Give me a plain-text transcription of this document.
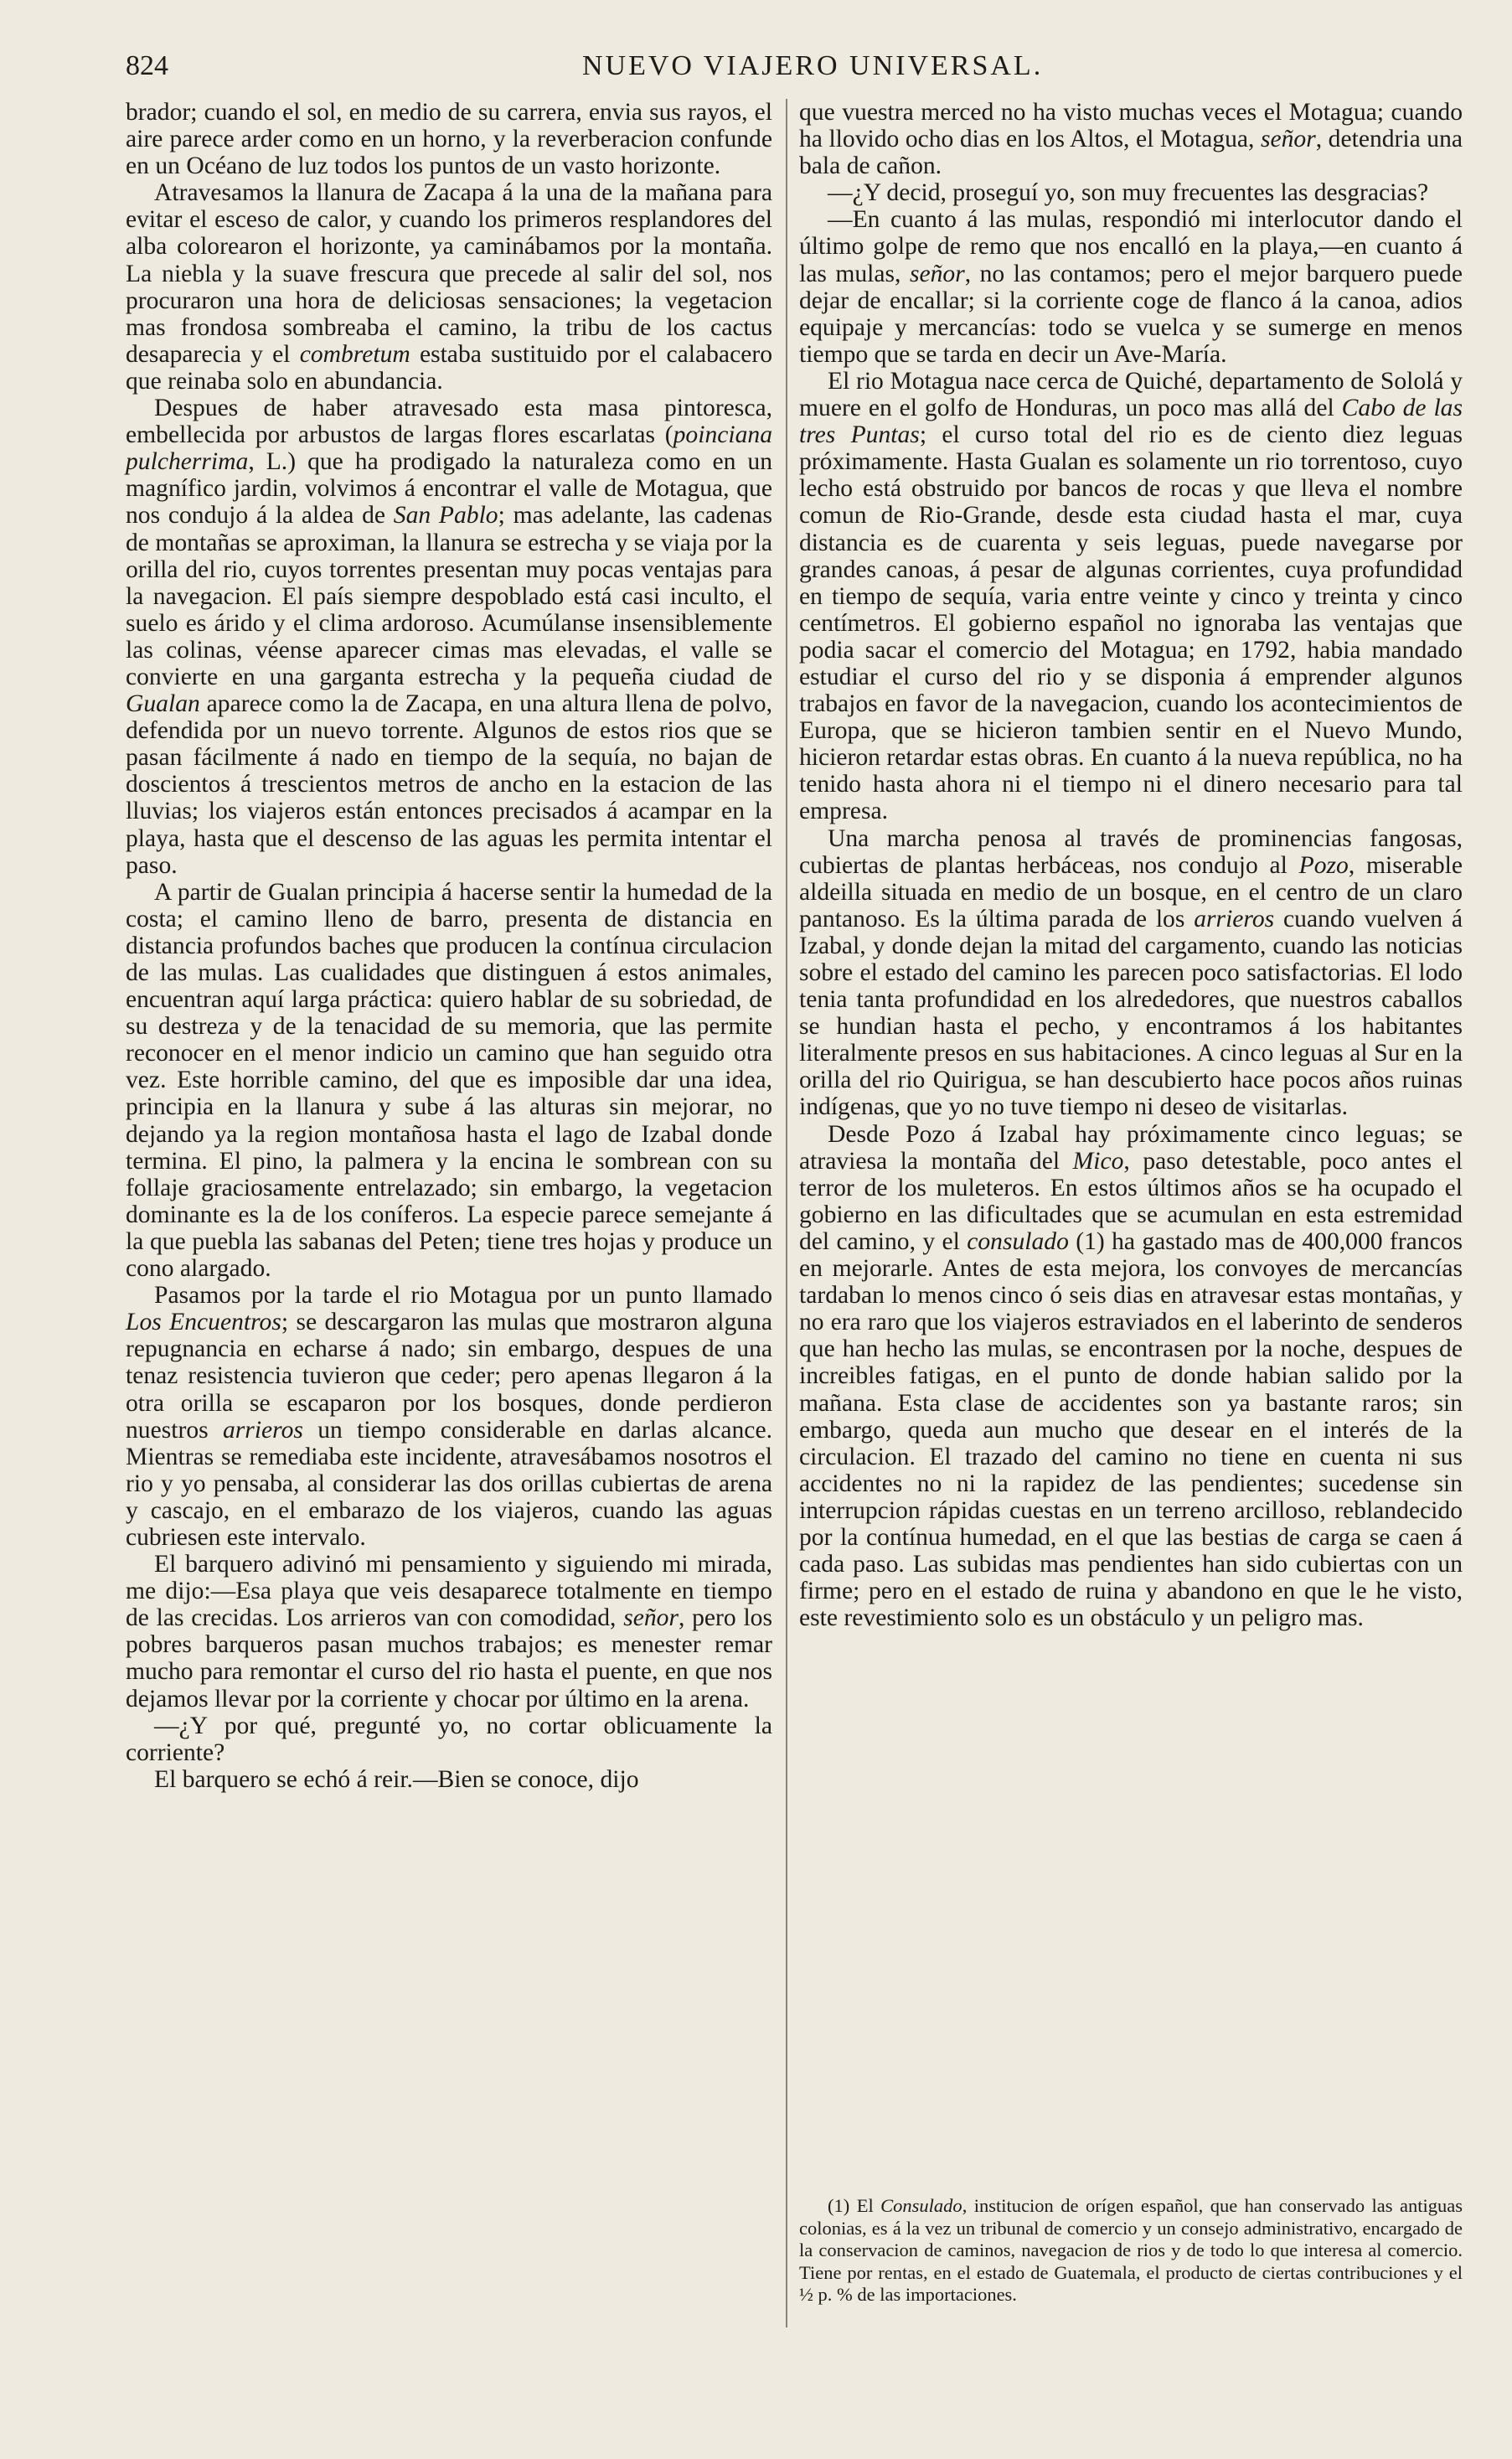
824	NUEVO VIAJERO UNIVERSAL.

brador; cuando el sol, en medio de su carrera, envia sus rayos, el aire parece arder como en un horno, y la reverberacion confunde en un Océano de luz todos los puntos de un vasto horizonte.

Atravesamos la llanura de Zacapa á la una de la mañana para evitar el esceso de calor, y cuando los primeros resplandores del alba colorearon el horizonte, ya caminábamos por la montaña. La niebla y la suave frescura que precede al salir del sol, nos procuraron una hora de deliciosas sensaciones; la vegetacion mas frondosa sombreaba el camino, la tribu de los cactus desaparecia y el combretum estaba sustituido por el calabacero que reinaba solo en abundancia.

Despues de haber atravesado esta masa pintoresca, embellecida por arbustos de largas flores escarlatas (poinciana pulcherrima, L.) que ha prodigado la naturaleza como en un magnífico jardin, volvimos á encontrar el valle de Motagua, que nos condujo á la aldea de San Pablo; mas adelante, las cadenas de montañas se aproximan, la llanura se estrecha y se viaja por la orilla del rio, cuyos torrentes presentan muy pocas ventajas para la navegacion. El país siempre despoblado está casi inculto, el suelo es árido y el clima ardoroso. Acumúlanse insensiblemente las colinas, véense aparecer cimas mas elevadas, el valle se convierte en una garganta estrecha y la pequeña ciudad de Gualan aparece como la de Zacapa, en una altura llena de polvo, defendida por un nuevo torrente. Algunos de estos rios que se pasan fácilmente á nado en tiempo de la sequía, no bajan de doscientos á trescientos metros de ancho en la estacion de las lluvias; los viajeros están entonces precisados á acampar en la playa, hasta que el descenso de las aguas les permita intentar el paso.

A partir de Gualan principia á hacerse sentir la humedad de la costa; el camino lleno de barro, presenta de distancia en distancia profundos baches que producen la contínua circulacion de las mulas. Las cualidades que distinguen á estos animales, encuentran aquí larga práctica: quiero hablar de su sobriedad, de su destreza y de la tenacidad de su memoria, que las permite reconocer en el menor indicio un camino que han seguido otra vez. Este horrible camino, del que es imposible dar una idea, principia en la llanura y sube á las alturas sin mejorar, no dejando ya la region montañosa hasta el lago de Izabal donde termina. El pino, la palmera y la encina le sombrean con su follaje graciosamente entrelazado; sin embargo, la vegetacion dominante es la de los coníferos. La especie parece semejante á la que puebla las sabanas del Peten; tiene tres hojas y produce un cono alargado.

Pasamos por la tarde el rio Motagua por un punto llamado Los Encuentros; se descargaron las mulas que mostraron alguna repugnancia en echarse á nado; sin embargo, despues de una tenaz resistencia tuvieron que ceder; pero apenas llegaron á la otra orilla se escaparon por los bosques, donde perdieron nuestros arrieros un tiempo considerable en darlas alcance. Mientras se remediaba este incidente, atravesábamos nosotros el rio y yo pensaba, al considerar las dos orillas cubiertas de arena y cascajo, en el embarazo de los viajeros, cuando las aguas cubriesen este intervalo.

El barquero adivinó mi pensamiento y siguiendo mi mirada, me dijo:—Esa playa que veis desaparece totalmente en tiempo de las crecidas. Los arrieros van con comodidad, señor, pero los pobres barqueros pasan muchos trabajos; es menester remar mucho para remontar el curso del rio hasta el puente, en que nos dejamos llevar por la corriente y chocar por último en la arena.

—¿Y por qué, pregunté yo, no cortar oblicuamente la corriente?

El barquero se echó á reir.—Bien se conoce, dijo

que vuestra merced no ha visto muchas veces el Motagua; cuando ha llovido ocho dias en los Altos, el Motagua, señor, detendria una bala de cañon.

—¿Y decid, proseguí yo, son muy frecuentes las desgracias?

—En cuanto á las mulas, respondió mi interlocutor dando el último golpe de remo que nos encalló en la playa,—en cuanto á las mulas, señor, no las contamos; pero el mejor barquero puede dejar de encallar; si la corriente coge de flanco á la canoa, adios equipaje y mercancías: todo se vuelca y se sumerge en menos tiempo que se tarda en decir un Ave-María.

El rio Motagua nace cerca de Quiché, departamento de Sololá y muere en el golfo de Honduras, un poco mas allá del Cabo de las tres Puntas; el curso total del rio es de ciento diez leguas próximamente. Hasta Gualan es solamente un rio torrentoso, cuyo lecho está obstruido por bancos de rocas y que lleva el nombre comun de Rio-Grande, desde esta ciudad hasta el mar, cuya distancia es de cuarenta y seis leguas, puede navegarse por grandes canoas, á pesar de algunas corrientes, cuya profundidad en tiempo de sequía, varia entre veinte y cinco y treinta y cinco centímetros. El gobierno español no ignoraba las ventajas que podia sacar el comercio del Motagua; en 1792, habia mandado estudiar el curso del rio y se disponia á emprender algunos trabajos en favor de la navegacion, cuando los acontecimientos de Europa, que se hicieron tambien sentir en el Nuevo Mundo, hicieron retardar estas obras. En cuanto á la nueva república, no ha tenido hasta ahora ni el tiempo ni el dinero necesario para tal empresa.

Una marcha penosa al través de prominencias fangosas, cubiertas de plantas herbáceas, nos condujo al Pozo, miserable aldeilla situada en medio de un bosque, en el centro de un claro pantanoso. Es la última parada de los arrieros cuando vuelven á Izabal, y donde dejan la mitad del cargamento, cuando las noticias sobre el estado del camino les parecen poco satisfactorias. El lodo tenia tanta profundidad en los alrededores, que nuestros caballos se hundian hasta el pecho, y encontramos á los habitantes literalmente presos en sus habitaciones. A cinco leguas al Sur en la orilla del rio Quirigua, se han descubierto hace pocos años ruinas indígenas, que yo no tuve tiempo ni deseo de visitarlas.

Desde Pozo á Izabal hay próximamente cinco leguas; se atraviesa la montaña del Mico, paso detestable, poco antes el terror de los muleteros. En estos últimos años se ha ocupado el gobierno en las dificultades que se acumulan en esta estremidad del camino, y el consulado (1) ha gastado mas de 400,000 francos en mejorarle. Antes de esta mejora, los convoyes de mercancías tardaban lo menos cinco ó seis dias en atravesar estas montañas, y no era raro que los viajeros estraviados en el laberinto de senderos que han hecho las mulas, se encontrasen por la noche, despues de increibles fatigas, en el punto de donde habian salido por la mañana. Esta clase de accidentes son ya bastante raros; sin embargo, queda aun mucho que desear en el interés de la circulacion. El trazado del camino no tiene en cuenta ni sus accidentes no ni la rapidez de las pendientes; sucedense sin interrupcion rápidas cuestas en un terreno arcilloso, reblandecido por la contínua humedad, en el que las bestias de carga se caen á cada paso. Las subidas mas pendientes han sido cubiertas con un firme; pero en el estado de ruina y abandono en que le he visto, este revestimiento solo es un obstáculo y un peligro mas.

(1) El Consulado, institucion de orígen español, que han conservado las antiguas colonias, es á la vez un tribunal de comercio y un consejo administrativo, encargado de la conservacion de caminos, navegacion de rios y de todo lo que interesa al comercio. Tiene por rentas, en el estado de Guatemala, el producto de ciertas contribuciones y el ½ p. % de las importaciones.
